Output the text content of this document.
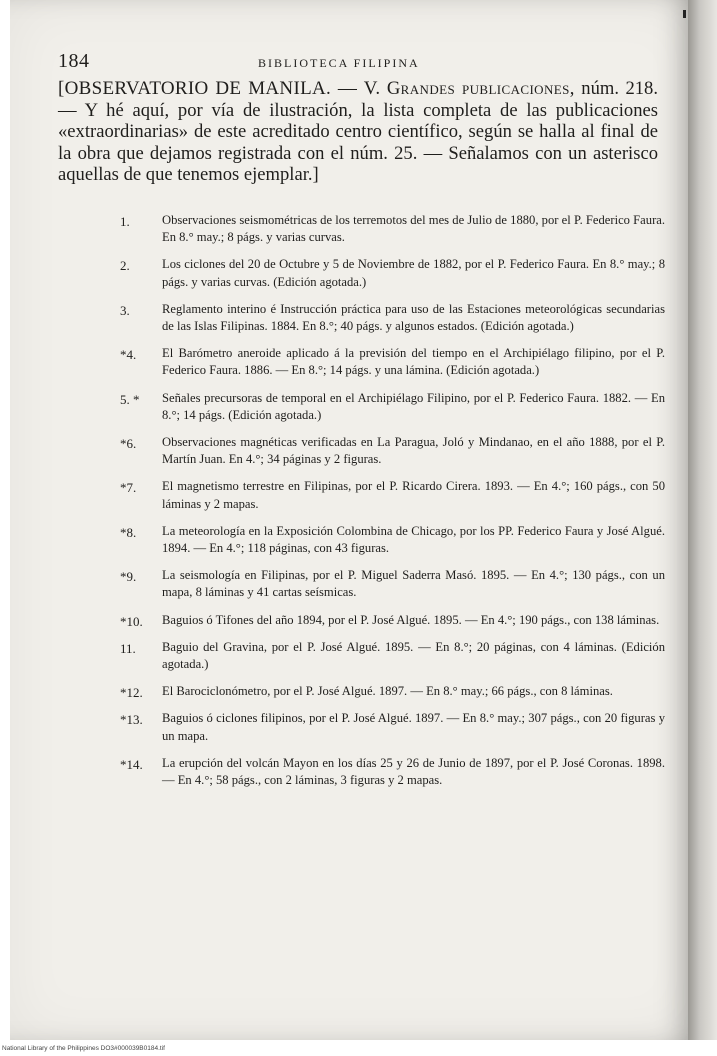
184	BIBLIOTECA FILIPINA

[OBSERVATORIO DE MANILA. — V. Grandes publicaciones, núm. 218. — Y hé aquí, por vía de ilustración, la lista completa de las publicaciones «extraordinarias» de este acreditado centro científico, según se halla al final de la obra que dejamos registrada con el núm. 25. — Señalamos con un asterisco aquellas de que tenemos ejemplar.]

1.	Observaciones seismométricas de los terremotos del mes de Julio de 1880, por el P. Federico Faura. En 8.° may.; 8 págs. y varias curvas.
2.	Los ciclones del 20 de Octubre y 5 de Noviembre de 1882, por el P. Federico Faura. En 8.° may.; 8 págs. y varias curvas. (Edición agotada.)
3.	Reglamento interino é Instrucción práctica para uso de las Estaciones meteorológicas secundarias de las Islas Filipinas. 1884. En 8.°; 40 págs. y algunos estados. (Edición agotada.)
*4.	El Barómetro aneroide aplicado á la previsión del tiempo en el Archipiélago filipino, por el P. Federico Faura. 1886. — En 8.°; 14 págs. y una lámina. (Edición agotada.)
5. *	Señales precursoras de temporal en el Archipiélago Filipino, por el P. Federico Faura. 1882. — En 8.°; 14 págs. (Edición agotada.)
*6.	Observaciones magnéticas verificadas en La Paragua, Joló y Mindanao, en el año 1888, por el P. Martín Juan. En 4.°; 34 páginas y 2 figuras.
*7.	El magnetismo terrestre en Filipinas, por el P. Ricardo Cirera. 1893. — En 4.°; 160 págs., con 50 láminas y 2 mapas.
*8.	La meteorología en la Exposición Colombina de Chicago, por los PP. Federico Faura y José Algué. 1894. — En 4.°; 118 páginas, con 43 figuras.
*9.	La seismología en Filipinas, por el P. Miguel Saderra Masó. 1895. — En 4.°; 130 págs., con un mapa, 8 láminas y 41 cartas seísmicas.
*10.	Baguios ó Tifones del año 1894, por el P. José Algué. 1895. — En 4.°; 190 págs., con 138 láminas.
11.	Baguio del Gravina, por el P. José Algué. 1895. — En 8.°; 20 páginas, con 4 láminas. (Edición agotada.)
*12.	El Barociclonómetro, por el P. José Algué. 1897. — En 8.° may.; 66 págs., con 8 láminas.
*13.	Baguios ó ciclones filipinos, por el P. José Algué. 1897. — En 8.° may.; 307 págs., con 20 figuras y un mapa.
*14.	La erupción del volcán Mayon en los días 25 y 26 de Junio de 1897, por el P. José Coronas. 1898. — En 4.°; 58 págs., con 2 láminas, 3 figuras y 2 mapas.
National Library of the Philippines DO3#000039B0184.tif
